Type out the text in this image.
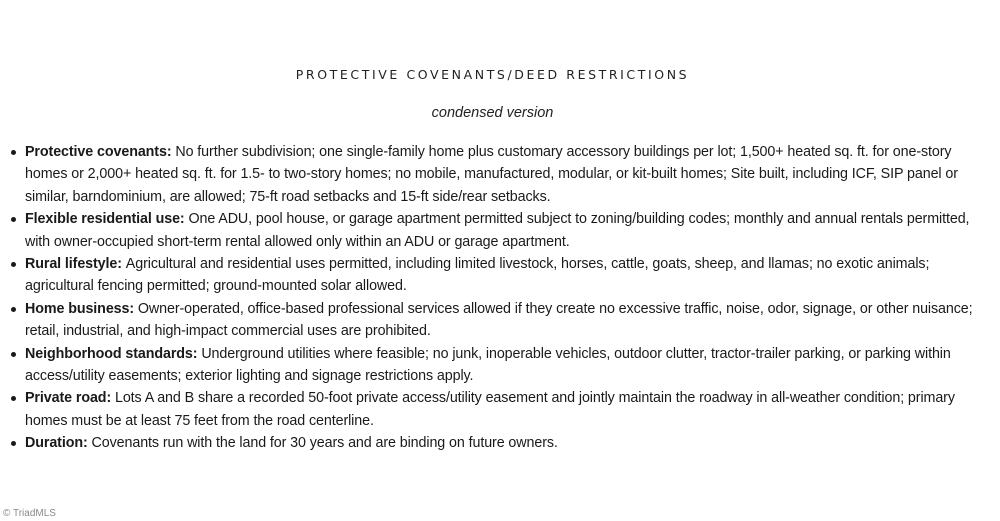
PROTECTIVE COVENANTS/DEED RESTRICTIONS
condensed version
Protective covenants: No further subdivision; one single-family home plus customary accessory buildings per lot; 1,500+ heated sq. ft. for one-story homes or 2,000+ heated sq. ft. for 1.5- to two-story homes; no mobile, manufactured, modular, or kit-built homes; Site built, including ICF, SIP panel or similar, barndominium, are allowed; 75-ft road setbacks and 15-ft side/rear setbacks.
Flexible residential use: One ADU, pool house, or garage apartment permitted subject to zoning/building codes; monthly and annual rentals permitted, with owner-occupied short-term rental allowed only within an ADU or garage apartment.
Rural lifestyle: Agricultural and residential uses permitted, including limited livestock, horses, cattle, goats, sheep, and llamas; no exotic animals; agricultural fencing permitted; ground-mounted solar allowed.
Home business: Owner-operated, office-based professional services allowed if they create no excessive traffic, noise, odor, signage, or other nuisance; retail, industrial, and high-impact commercial uses are prohibited.
Neighborhood standards: Underground utilities where feasible; no junk, inoperable vehicles, outdoor clutter, tractor-trailer parking, or parking within access/utility easements; exterior lighting and signage restrictions apply.
Private road: Lots A and B share a recorded 50-foot private access/utility easement and jointly maintain the roadway in all-weather condition; primary homes must be at least 75 feet from the road centerline.
Duration: Covenants run with the land for 30 years and are binding on future owners.
© TriadMLS
